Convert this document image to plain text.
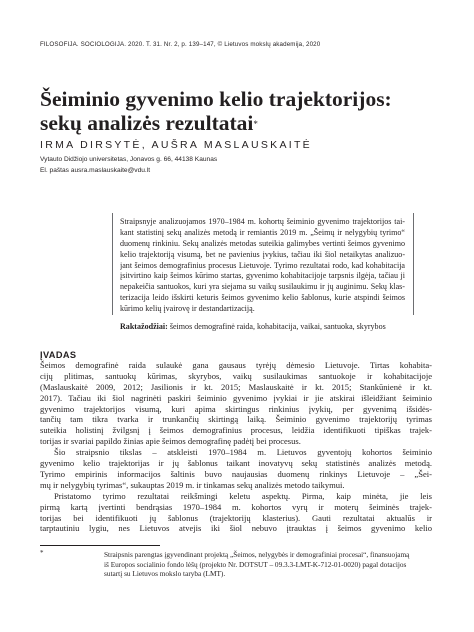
FILOSOFIJA. SOCIOLOGIJA. 2020. T. 31. Nr. 2, p. 139–147, © Lietuvos mokslų akademija, 2020
Šeiminio gyvenimo kelio trajektorijos:
sekų analizės rezultatai*
IRMA DIRSYTĖ, AUŠRA MASLAUSKAITĖ
Vytauto Didžiojo universitetas, Jonavos g. 66, 44138 Kaunas
El. paštas ausra.maslauskaite@vdu.lt
Straipsnyje analizuojamos 1970–1984 m. kohortų šeiminio gyvenimo trajektorijos tai-
kant statistinį sekų analizės metodą ir remiantis 2019 m. „Šeimų ir nelygybių tyrimo“
duomenų rinkiniu. Sekų analizės metodas suteikia galimybes vertinti šeimos gyvenimo
kelio trajektoriją visumą, bet ne pavienius įvykius, tačiau iki šiol netaikytas analizuo-
jant šeimos demografinius procesus Lietuvoje. Tyrimo rezultatai rodo, kad kohabitacija
įsitvirtino kaip šeimos kūrimo startas, gyvenimo kohabitacijoje tarpsnis ilgėja, tačiau ji
nepakeičia santuokos, kuri yra siejama su vaikų susilaukimu ir jų auginimu. Sekų klas-
terizacija leido išskirti keturis šeimos gyvenimo kelio šablonus, kurie atspindi šeimos
kūrimo kelių įvairovę ir destandartizaciją.
Raktažodžiai: šeimos demografinė raida, kohabitacija, vaikai, santuoka, skyrybos
ĮVADAS
Šeimos demografinė raida sulaukė gana gausaus tyrėjų dėmesio Lietuvoje. Tirtas kohabita-
cijų plitimas, santuokų kūrimas, skyrybos, vaikų susilaukimas santuokoje ir kohabitacijoje
(Maslauskaitė 2009, 2012; Jasilionis ir kt. 2015; Maslauskaitė ir kt. 2015; Stankūnienė ir kt.
2017). Tačiau iki šiol nagrinėti paskiri šeiminio gyvenimo įvykiai ir jie atskirai išleidžiant šeiminio
gyvenimo trajektorijos visumą, kuri apima skirtingus rinkinius įvykių, per gyvenimą išsidės-
tančių tam tikra tvarka ir trunkančių skirtingą laiką. Šeiminio gyvenimo trajektorijų tyrimas
suteikia holistinį žvilgsnį į šeimos demografinius procesus, leidžia identifikuoti tipiškas trajek-
torijas ir svariai papildo žinias apie šeimos demografinę padėtį bei procesus.
Šio straipsnio tikslas – atskleisti 1970–1984 m. Lietuvos gyventojų kohortos šeiminio
gyvenimo kelio trajektorijas ir jų šablonus taikant inovatyvų sekų statistinės analizės metodą.
Tyrimo empirinis informacijos šaltinis buvo naujausias duomenų rinkinys Lietuvoje – „Šei-
mų ir nelygybių tyrimas“, sukauptas 2019 m. ir tinkamas sekų analizės metodo taikymui.
Pristatomo tyrimo rezultatai reikšmingi keletu aspektų. Pirma, kaip minėta, jie leis
pirmą kartą įvertinti bendrąsias 1970–1984 m. kohortos vyrų ir moterų šeiminės trajek-
torijas bei identifikuoti jų šablonus (trajektorijų klasterius). Gauti rezultatai aktualūs ir
tarptautiniu lygiu, nes Lietuvos atvejis iki šiol nebuvo įtrauktas į šeimos gyvenimo kelio
*	Straipsnis parengtas įgyvendinant projektą „Šeimos, nelygybės ir demografiniai procesai“, finansuojamą
iš Europos socialinio fondo lėšų (projekto Nr. DOTSUT – 09.3.3-LMT-K-712-01-0020) pagal dotacijos
sutartį su Lietuvos mokslo taryba (LMT).
